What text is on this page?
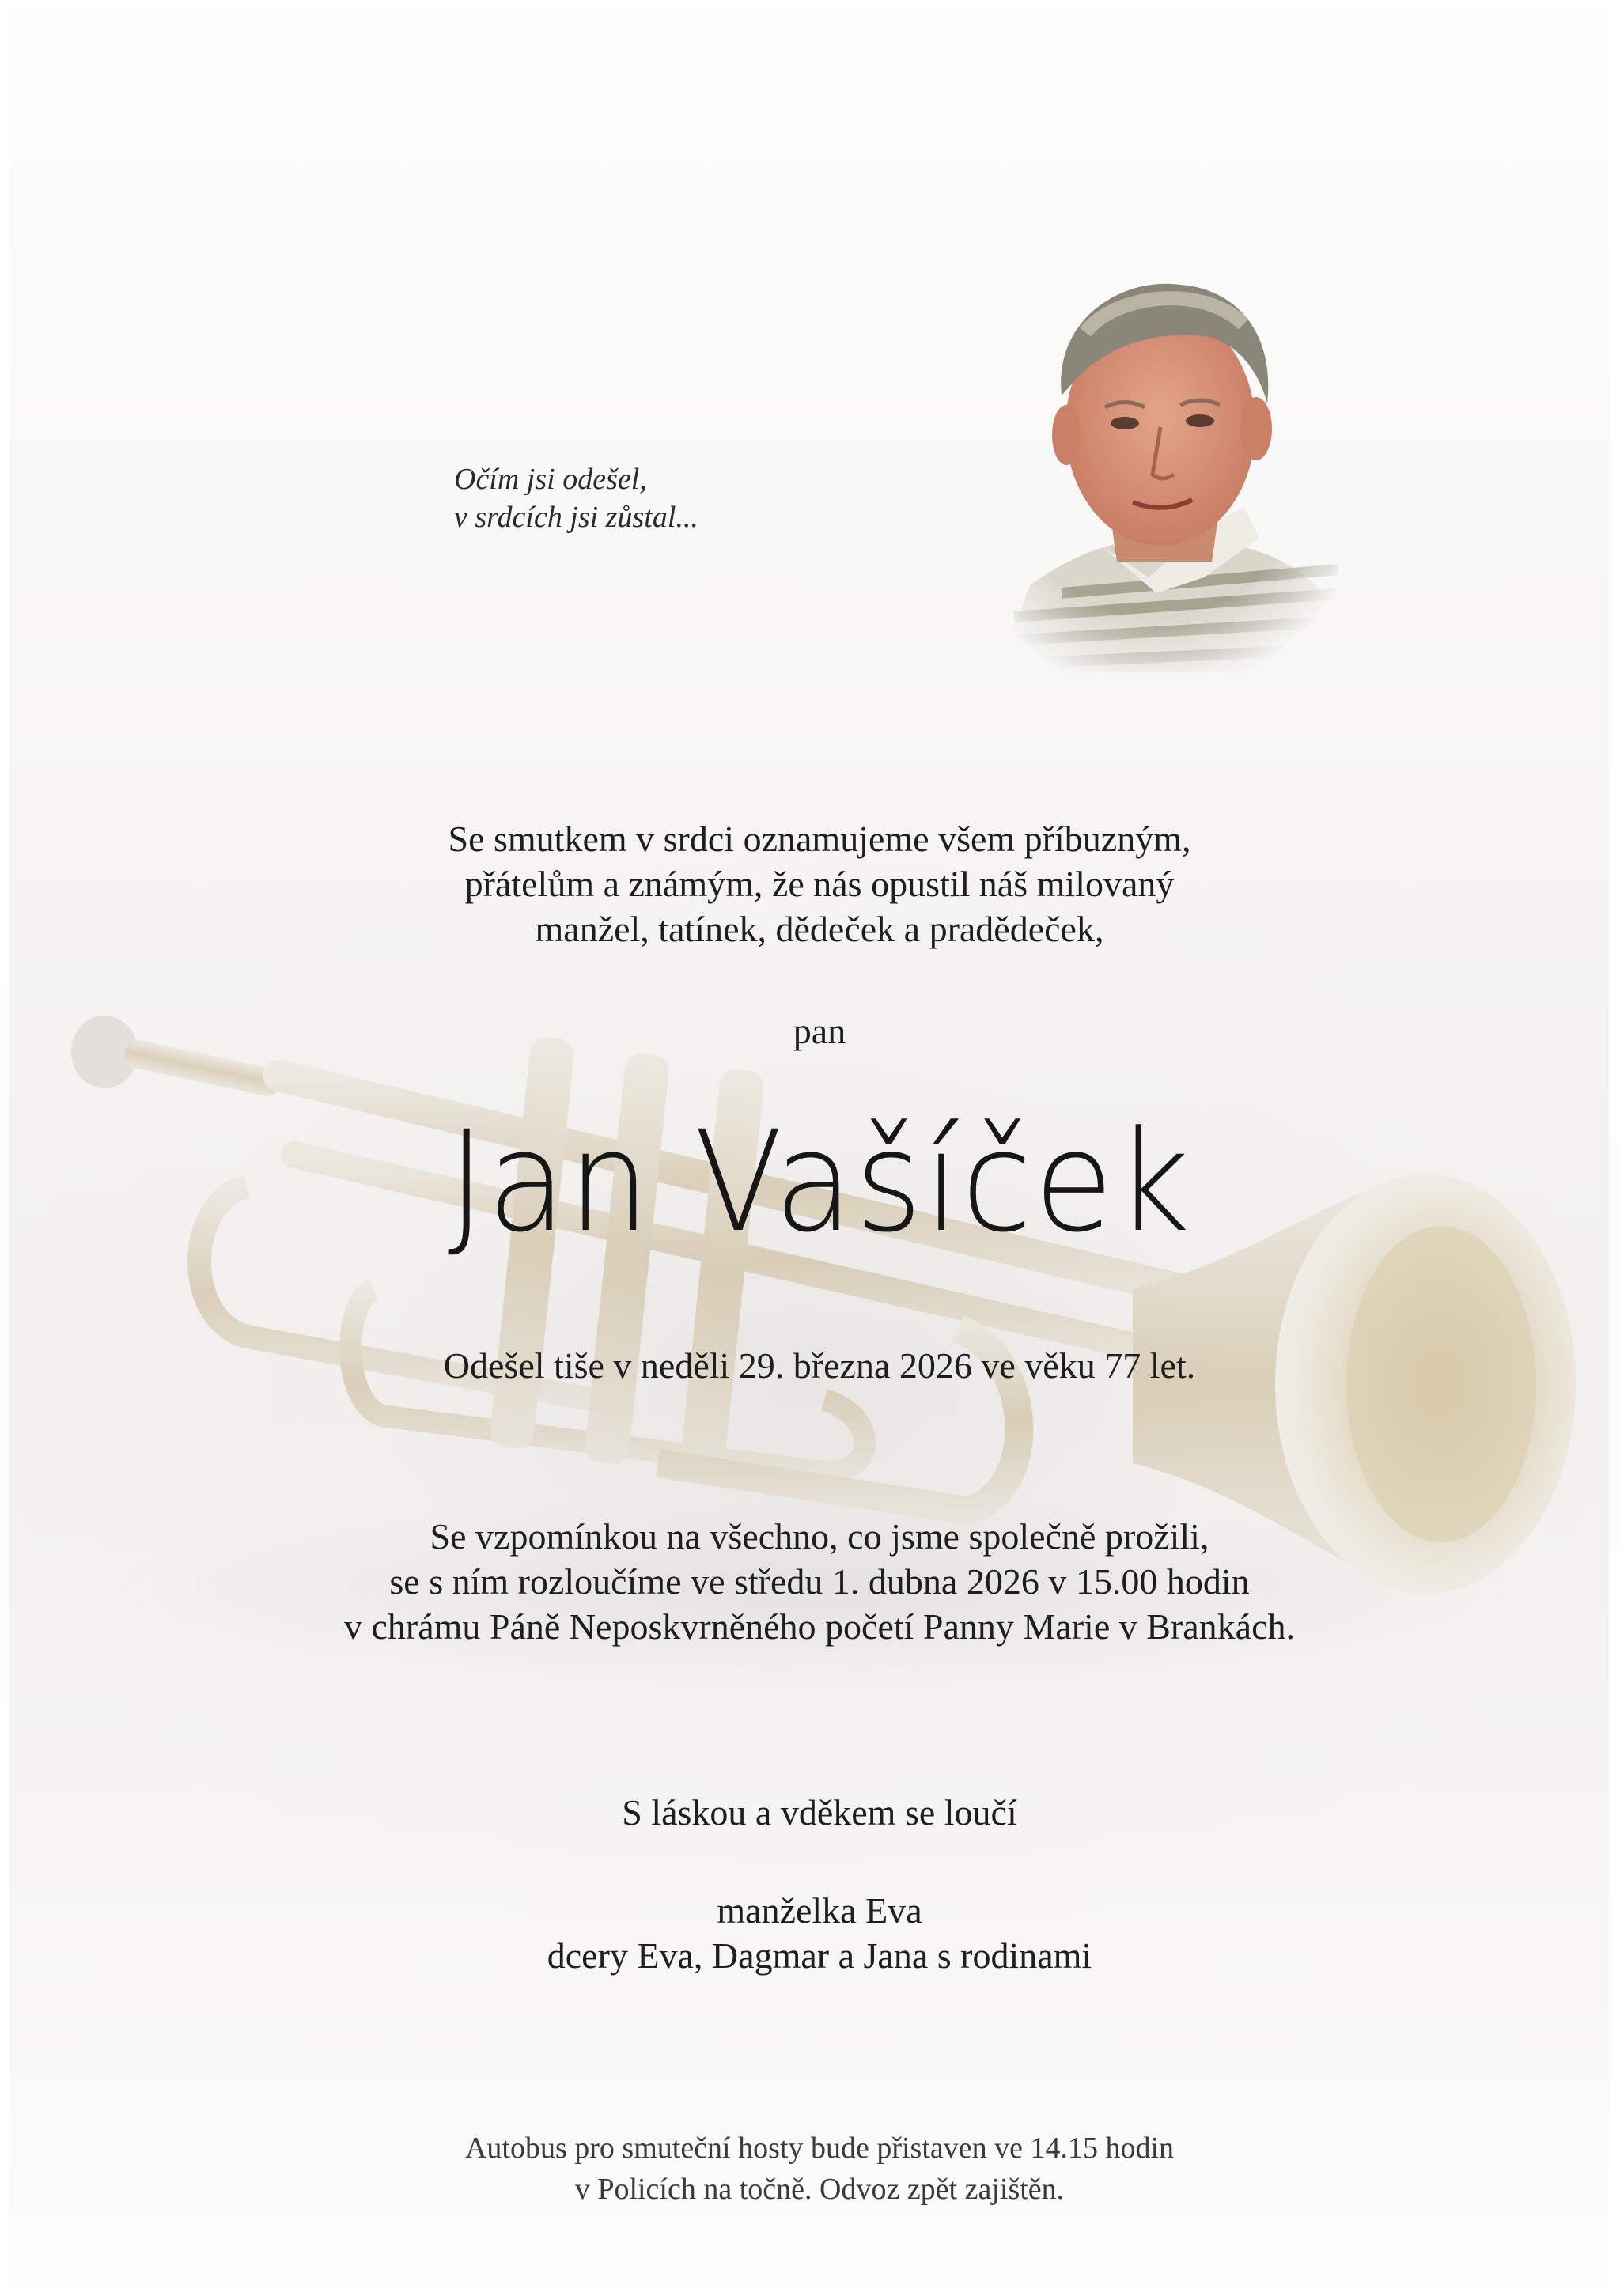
Očím jsi odešel,
v srdcích jsi zůstal...
Se smutkem v srdci oznamujeme všem příbuzným,
přátelům a známým, že nás opustil náš milovaný
manžel, tatínek, dědeček a pradědeček,
pan
Jan Vašíček
Odešel tiše v neděli 29. března 2026 ve věku 77 let.
Se vzpomínkou na všechno, co jsme společně prožili,
se s ním rozloučíme ve středu 1. dubna 2026 v 15.00 hodin
v chrámu Páně Neposkvrněného početí Panny Marie v Brankách.
S láskou a vděkem se loučí
manželka Eva
dcery Eva, Dagmar a Jana s rodinami
Autobus pro smuteční hosty bude přistaven ve 14.15 hodin
v Policích na točně. Odvoz zpět zajištěn.
